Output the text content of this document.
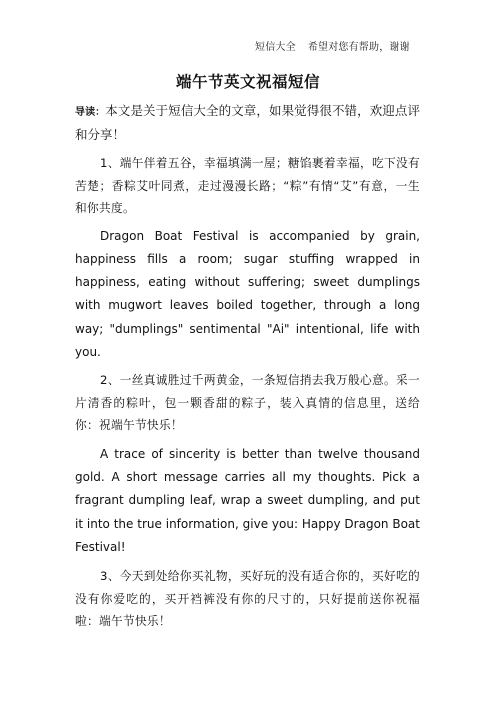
短信大全 希望对您有帮助，谢谢
端午节英文祝福短信

导读：本文是关于短信大全的文章，如果觉得很不错，欢迎点评和分享！

1、端午伴着五谷，幸福填满一屋；糖馅裹着幸福，吃下没有苦楚；香粽艾叶同煮，走过漫漫长路；“粽”有情“艾”有意，一生和你共度。

Dragon Boat Festival is accompanied by grain, happiness fills a room; sugar stuffing wrapped in happiness, eating without suffering; sweet dumplings with mugwort leaves boiled together, through a long way; "dumplings" sentimental "Ai" intentional, life with you.

2、一丝真诚胜过千两黄金，一条短信捎去我万般心意。采一片清香的粽叶，包一颗香甜的粽子，装入真情的信息里，送给你：祝端午节快乐！

A trace of sincerity is better than twelve thousand gold. A short message carries all my thoughts. Pick a fragrant dumpling leaf, wrap a sweet dumpling, and put it into the true information, give you: Happy Dragon Boat Festival!

3、今天到处给你买礼物，买好玩的没有适合你的，买好吃的没有你爱吃的，买开裆裤没有你的尺寸的，只好提前送你祝福啦：端午节快乐！
